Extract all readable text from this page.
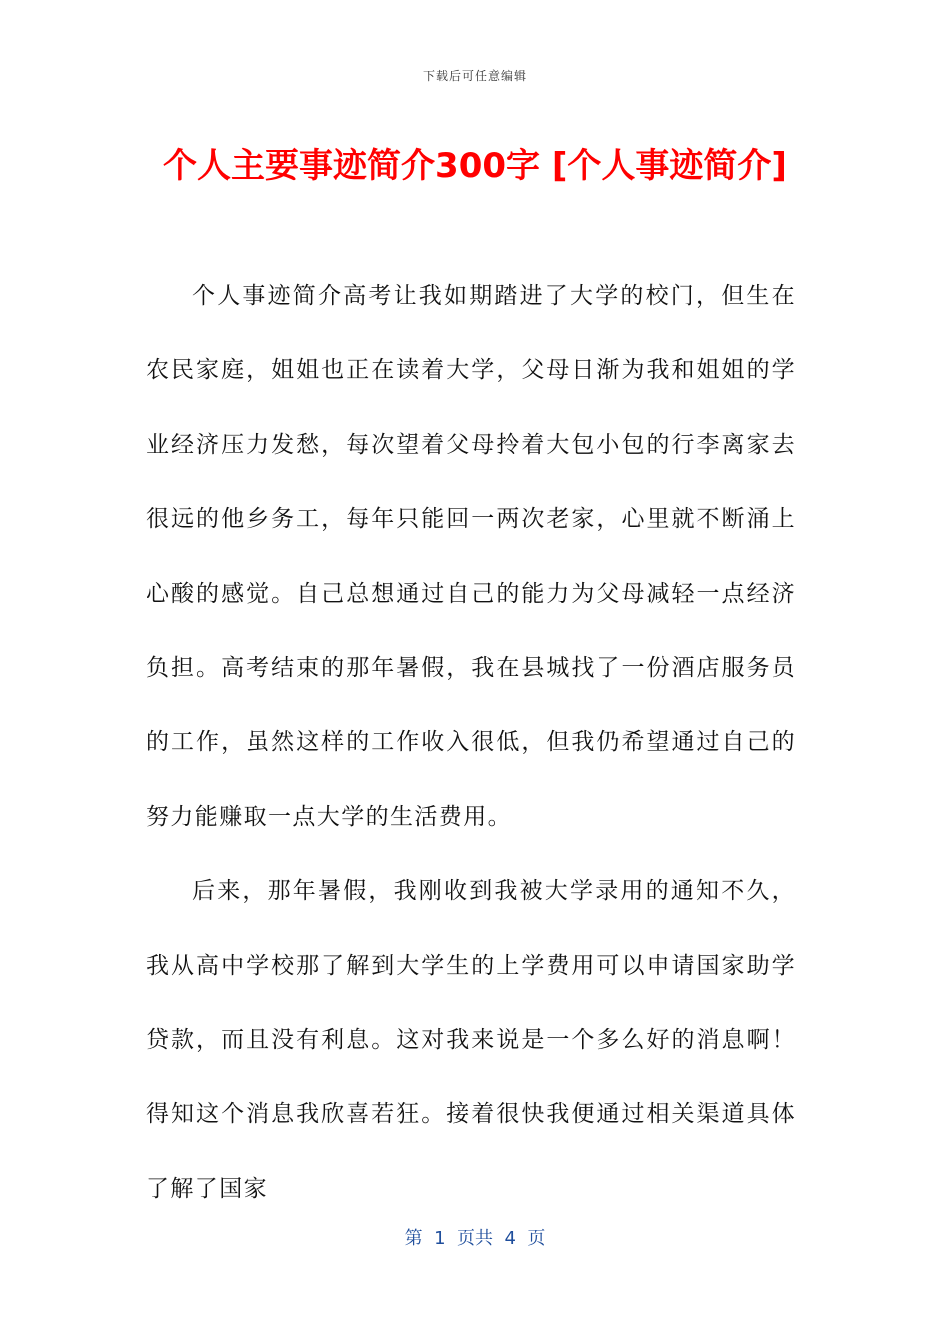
下载后可任意编辑
个人主要事迹简介300字 [个人事迹简介]

个人事迹简介高考让我如期踏进了大学的校门，但生在农民家庭，姐姐也正在读着大学，父母日渐为我和姐姐的学业经济压力发愁，每次望着父母拎着大包小包的行李离家去很远的他乡务工，每年只能回一两次老家，心里就不断涌上心酸的感觉。自己总想通过自己的能力为父母减轻一点经济负担。高考结束的那年暑假，我在县城找了一份酒店服务员的工作，虽然这样的工作收入很低，但我仍希望通过自己的努力能赚取一点大学的生活费用。

后来，那年暑假，我刚收到我被大学录用的通知不久，我从高中学校那了解到大学生的上学费用可以申请国家助学贷款，而且没有利息。这对我来说是一个多么好的消息啊！得知这个消息我欣喜若狂。接着很快我便通过相关渠道具体了解了国家

第  1  页共  4  页
